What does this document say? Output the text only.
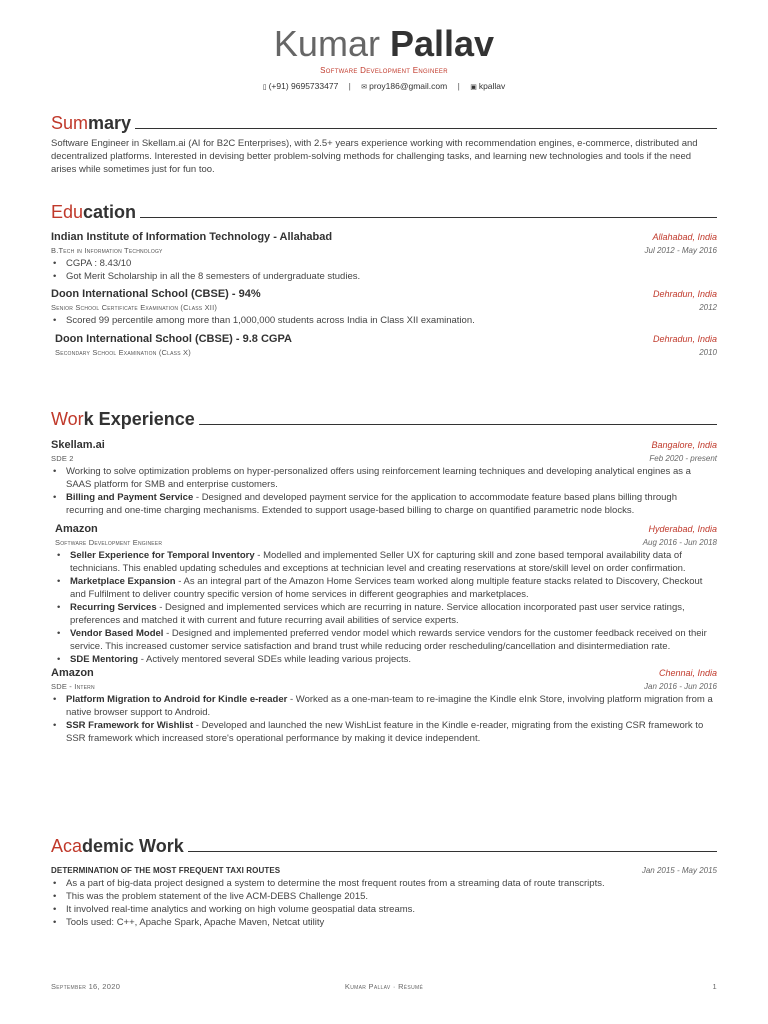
Kumar Pallav
Software Development Engineer
▯ (+91) 9695733477 | ✉ proy186@gmail.com | ▣ kpallav
Summary
Software Engineer in Skellam.ai (AI for B2C Enterprises), with 2.5+ years experience working with recommendation engines, e-commerce, distributed and decentralized platforms. Interested in devising better problem-solving methods for challenging tasks, and learning new technologies and tools if the need arises while sometimes just for fun too.
Education
Indian Institute of Information Technology - Allahabad	Allahabad, India
B.Tech in Information Technology	Jul 2012 - May 2016
• CGPA : 8.43/10
• Got Merit Scholarship in all the 8 semesters of undergraduate studies.
Doon International School (CBSE) - 94%	Dehradun, India
Senior School Certificate Examination (Class XII)	2012
• Scored 99 percentile among more than 1,000,000 students across India in Class XII examination.
Doon International School (CBSE) - 9.8 CGPA	Dehradun, India
Secondary School Examination (Class X)	2010
Work Experience
Skellam.ai	Bangalore, India
SDE 2	Feb 2020 - present
• Working to solve optimization problems on hyper-personalized offers using reinforcement learning techniques and developing analytical engines as a SAAS platform for SMB and enterprise customers.
• Billing and Payment Service - Designed and developed payment service for the application to accommodate feature based plans billing through recurring and one-time charging mechanisms. Extended to support usage-based billing to charge on quantified parametric node blocks.
Amazon	Hyderabad, India
Software Development Engineer	Aug 2016 - Jun 2018
• Seller Experience for Temporal Inventory - Modelled and implemented Seller UX for capturing skill and zone based temporal availability data of technicians. This enabled updating schedules and exceptions at technician level and creating reservations at store/skill level on order confirmation.
• Marketplace Expansion - As an integral part of the Amazon Home Services team worked along multiple feature stacks related to Discovery, Checkout and Fulfilment to deliver country specific version of home services in different geographies and marketplaces.
• Recurring Services - Designed and implemented services which are recurring in nature. Service allocation incorporated past user service ratings, preferences and matched it with current and future recurring avail abilities of service experts.
• Vendor Based Model - Designed and implemented preferred vendor model which rewards service vendors for the customer feedback received on their service. This increased customer service satisfaction and brand trust while reducing order rescheduling/cancellation and disintermediation rate.
• SDE Mentoring - Actively mentored several SDEs while leading various projects.
Amazon	Chennai, India
SDE - Intern	Jan 2016 - Jun 2016
• Platform Migration to Android for Kindle e-reader - Worked as a one-man-team to re-imagine the Kindle eInk Store, involving platform migration from a native browser support to Android.
• SSR Framework for Wishlist - Developed and launched the new WishList feature in the Kindle e-reader, migrating from the existing CSR framework to SSR framework which increased store's operational performance by making it device independent.
Academic Work
DETERMINATION OF THE MOST FREQUENT TAXI ROUTES	Jan 2015 - May 2015
• As a part of big-data project designed a system to determine the most frequent routes from a streaming data of route transcripts.
• This was the problem statement of the live ACM-DEBS Challenge 2015.
• It involved real-time analytics and working on high volume geospatial data streams.
• Tools used: C++, Apache Spark, Apache Maven, Netcat utility
September 16, 2020	Kumar Pallav · Résumé	1
